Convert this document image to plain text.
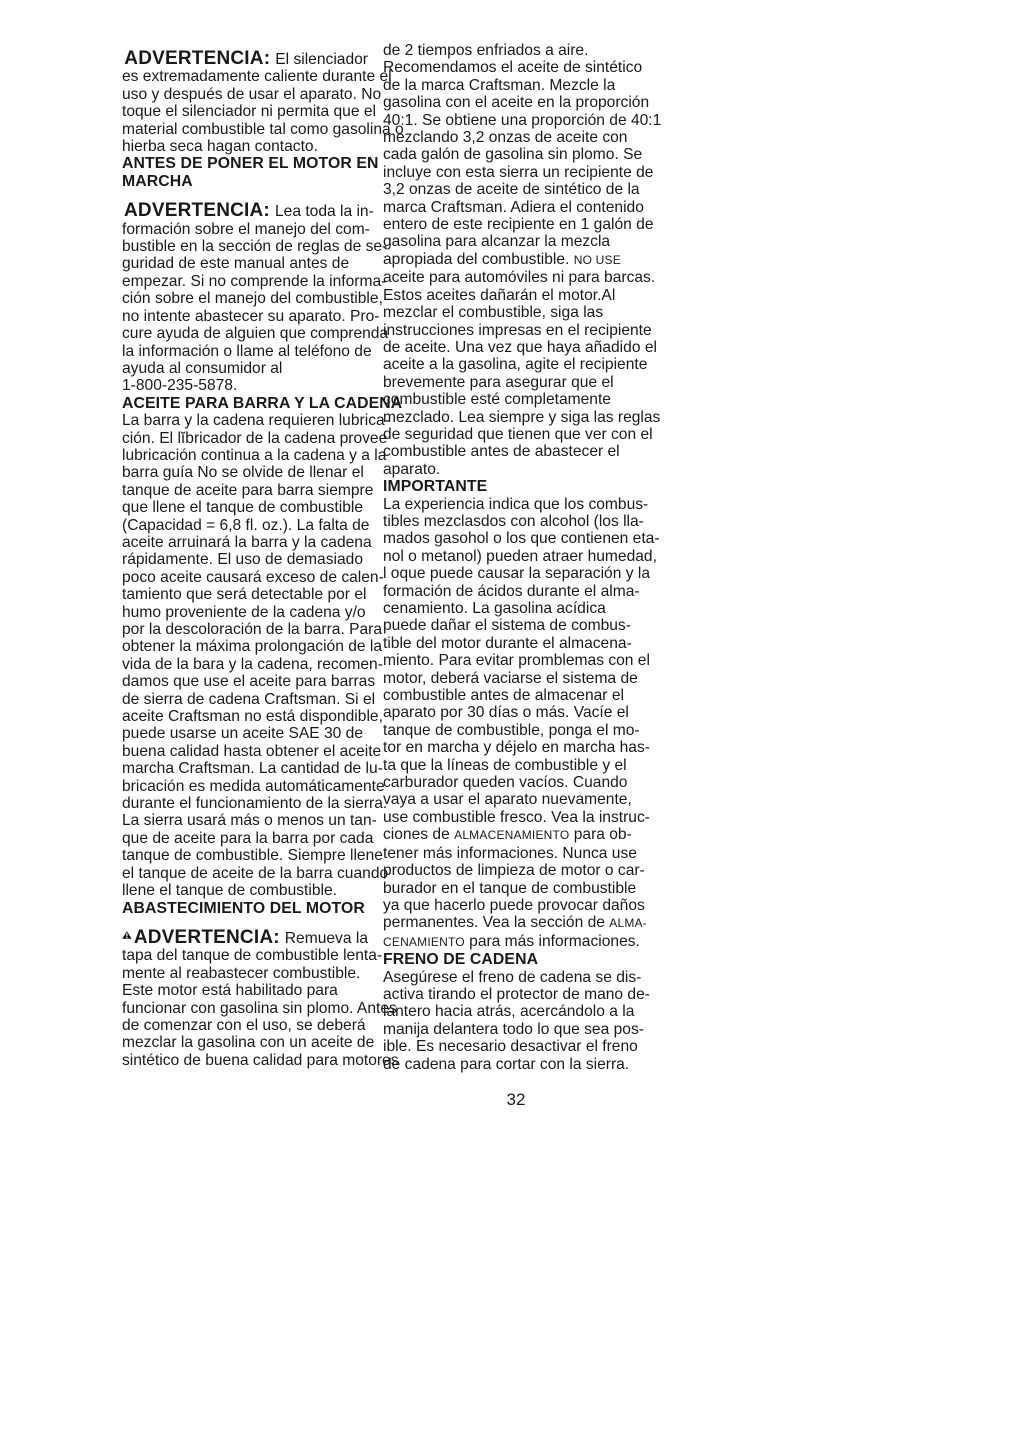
ADVERTENCIA: El silenciador
es extremadamente caliente durante el
uso y después de usar el aparato. No
toque el silenciador ni permita que el
material combustible tal como gasolina o
hierba seca hagan contacto.
ANTES DE PONER EL MOTOR EN
MARCHA
ADVERTENCIA: Lea toda la in-
formación sobre el manejo del com-
bustible en la sección de reglas de se-
guridad de este manual antes de
empezar. Si no comprende la informa-
ción sobre el manejo del combustible,
no intente abastecer su aparato. Pro-
cure ayuda de alguien que comprenda
la información o llame al teléfono de
ayuda al consumidor al
1-800-235-5878.
ACEITE PARA BARRA Y LA CADENA
La barra y la cadena requieren lubrica-
ción. El lĭbricador de la cadena provee
lubricación continua a la cadena y a la
barra guía No se olvide de llenar el
tanque de aceite para barra siempre
que llene el tanque de combustible
(Capacidad = 6,8 fl. oz.). La falta de
aceite arruinará la barra y la cadena
rápidamente. El uso de demasiado
poco aceite causará exceso de calen-
tamiento que será detectable por el
humo proveniente de la cadena y/o
por la descoloración de la barra. Para
obtener la máxima prolongación de la
vida de la bara y la cadena, recomen-
damos que use el aceite para barras
de sierra de cadena Craftsman. Si el
aceite Craftsman no está dispondible,
puede usarse un aceite SAE 30 de
buena calidad hasta obtener el aceite
marcha Craftsman. La cantidad de lu-
bricación es medida automáticamente
durante el funcionamiento de la sierra.
La sierra usará más o menos un tan-
que de aceite para la barra por cada
tanque de combustible. Siempre llene
el tanque de aceite de la barra cuando
llene el tanque de combustible.
ABASTECIMIENTO DEL MOTOR
ADVERTENCIA: Remueva la
tapa del tanque de combustible lenta-
mente al reabastecer combustible.
Este motor está habilitado para
funcionar con gasolina sin plomo. Antes
de comenzar con el uso, se deberá
mezclar la gasolina con un aceite de
sintético de buena calidad para motores
de 2 tiempos enfriados a aire.
Recomendamos el aceite de sintético
de la marca Craftsman. Mezcle la
gasolina con el aceite en la proporción
40:1. Se obtiene una proporción de 40:1
mezclando 3,2 onzas de aceite con
cada galón de gasolina sin plomo. Se
incluye con esta sierra un recipiente de
3,2 onzas de aceite de sintético de la
marca Craftsman. Adiera el contenido
entero de este recipiente en 1 galón de
gasolina para alcanzar la mezcla
apropiada del combustible. NO USE
aceite para automóviles ni para barcas.
Estos aceites dañarán el motor.Al
mezclar el combustible, siga las
instrucciones impresas en el recipiente
de aceite. Una vez que haya añadido el
aceite a la gasolina, agite el recipiente
brevemente para asegurar que el
combustible esté completamente
mezclado. Lea siempre y siga las reglas
de seguridad que tienen que ver con el
combustible antes de abastecer el
aparato.
IMPORTANTE
La experiencia indica que los combus-
tibles mezclasdos con alcohol (los lla-
mados gasohol o los que contienen eta-
nol o metanol) pueden atraer humedad,
l oque puede causar la separación y la
formación de ácidos durante el alma-
cenamiento. La gasolina acídica
puede dañar el sistema de combus-
tible del motor durante el almacena-
miento. Para evitar promblemas con el
motor, deberá vaciarse el sistema de
combustible antes de almacenar el
aparato por 30 días o más. Vacíe el
tanque de combustible, ponga el mo-
tor en marcha y déjelo en marcha has-
ta que la líneas de combustible y el
carburador queden vacíos. Cuando
vaya a usar el aparato nuevamente,
use combustible fresco. Vea la instruc-
ciones de ALMACENAMIENTO para ob-
tener más informaciones. Nunca use
productos de limpieza de motor o car-
burador en el tanque de combustible
ya que hacerlo puede provocar daños
permanentes. Vea la sección de ALMA-
CENAMIENTO para más informaciones.
FRENO DE CADENA
Asegúrese el freno de cadena se dis-
activa tirando el protector de mano de-
lantero hacia atrás, acercándolo a la
manija delantera todo lo que sea pos-
ible. Es necesario desactivar el freno
de cadena para cortar con la sierra.
32
